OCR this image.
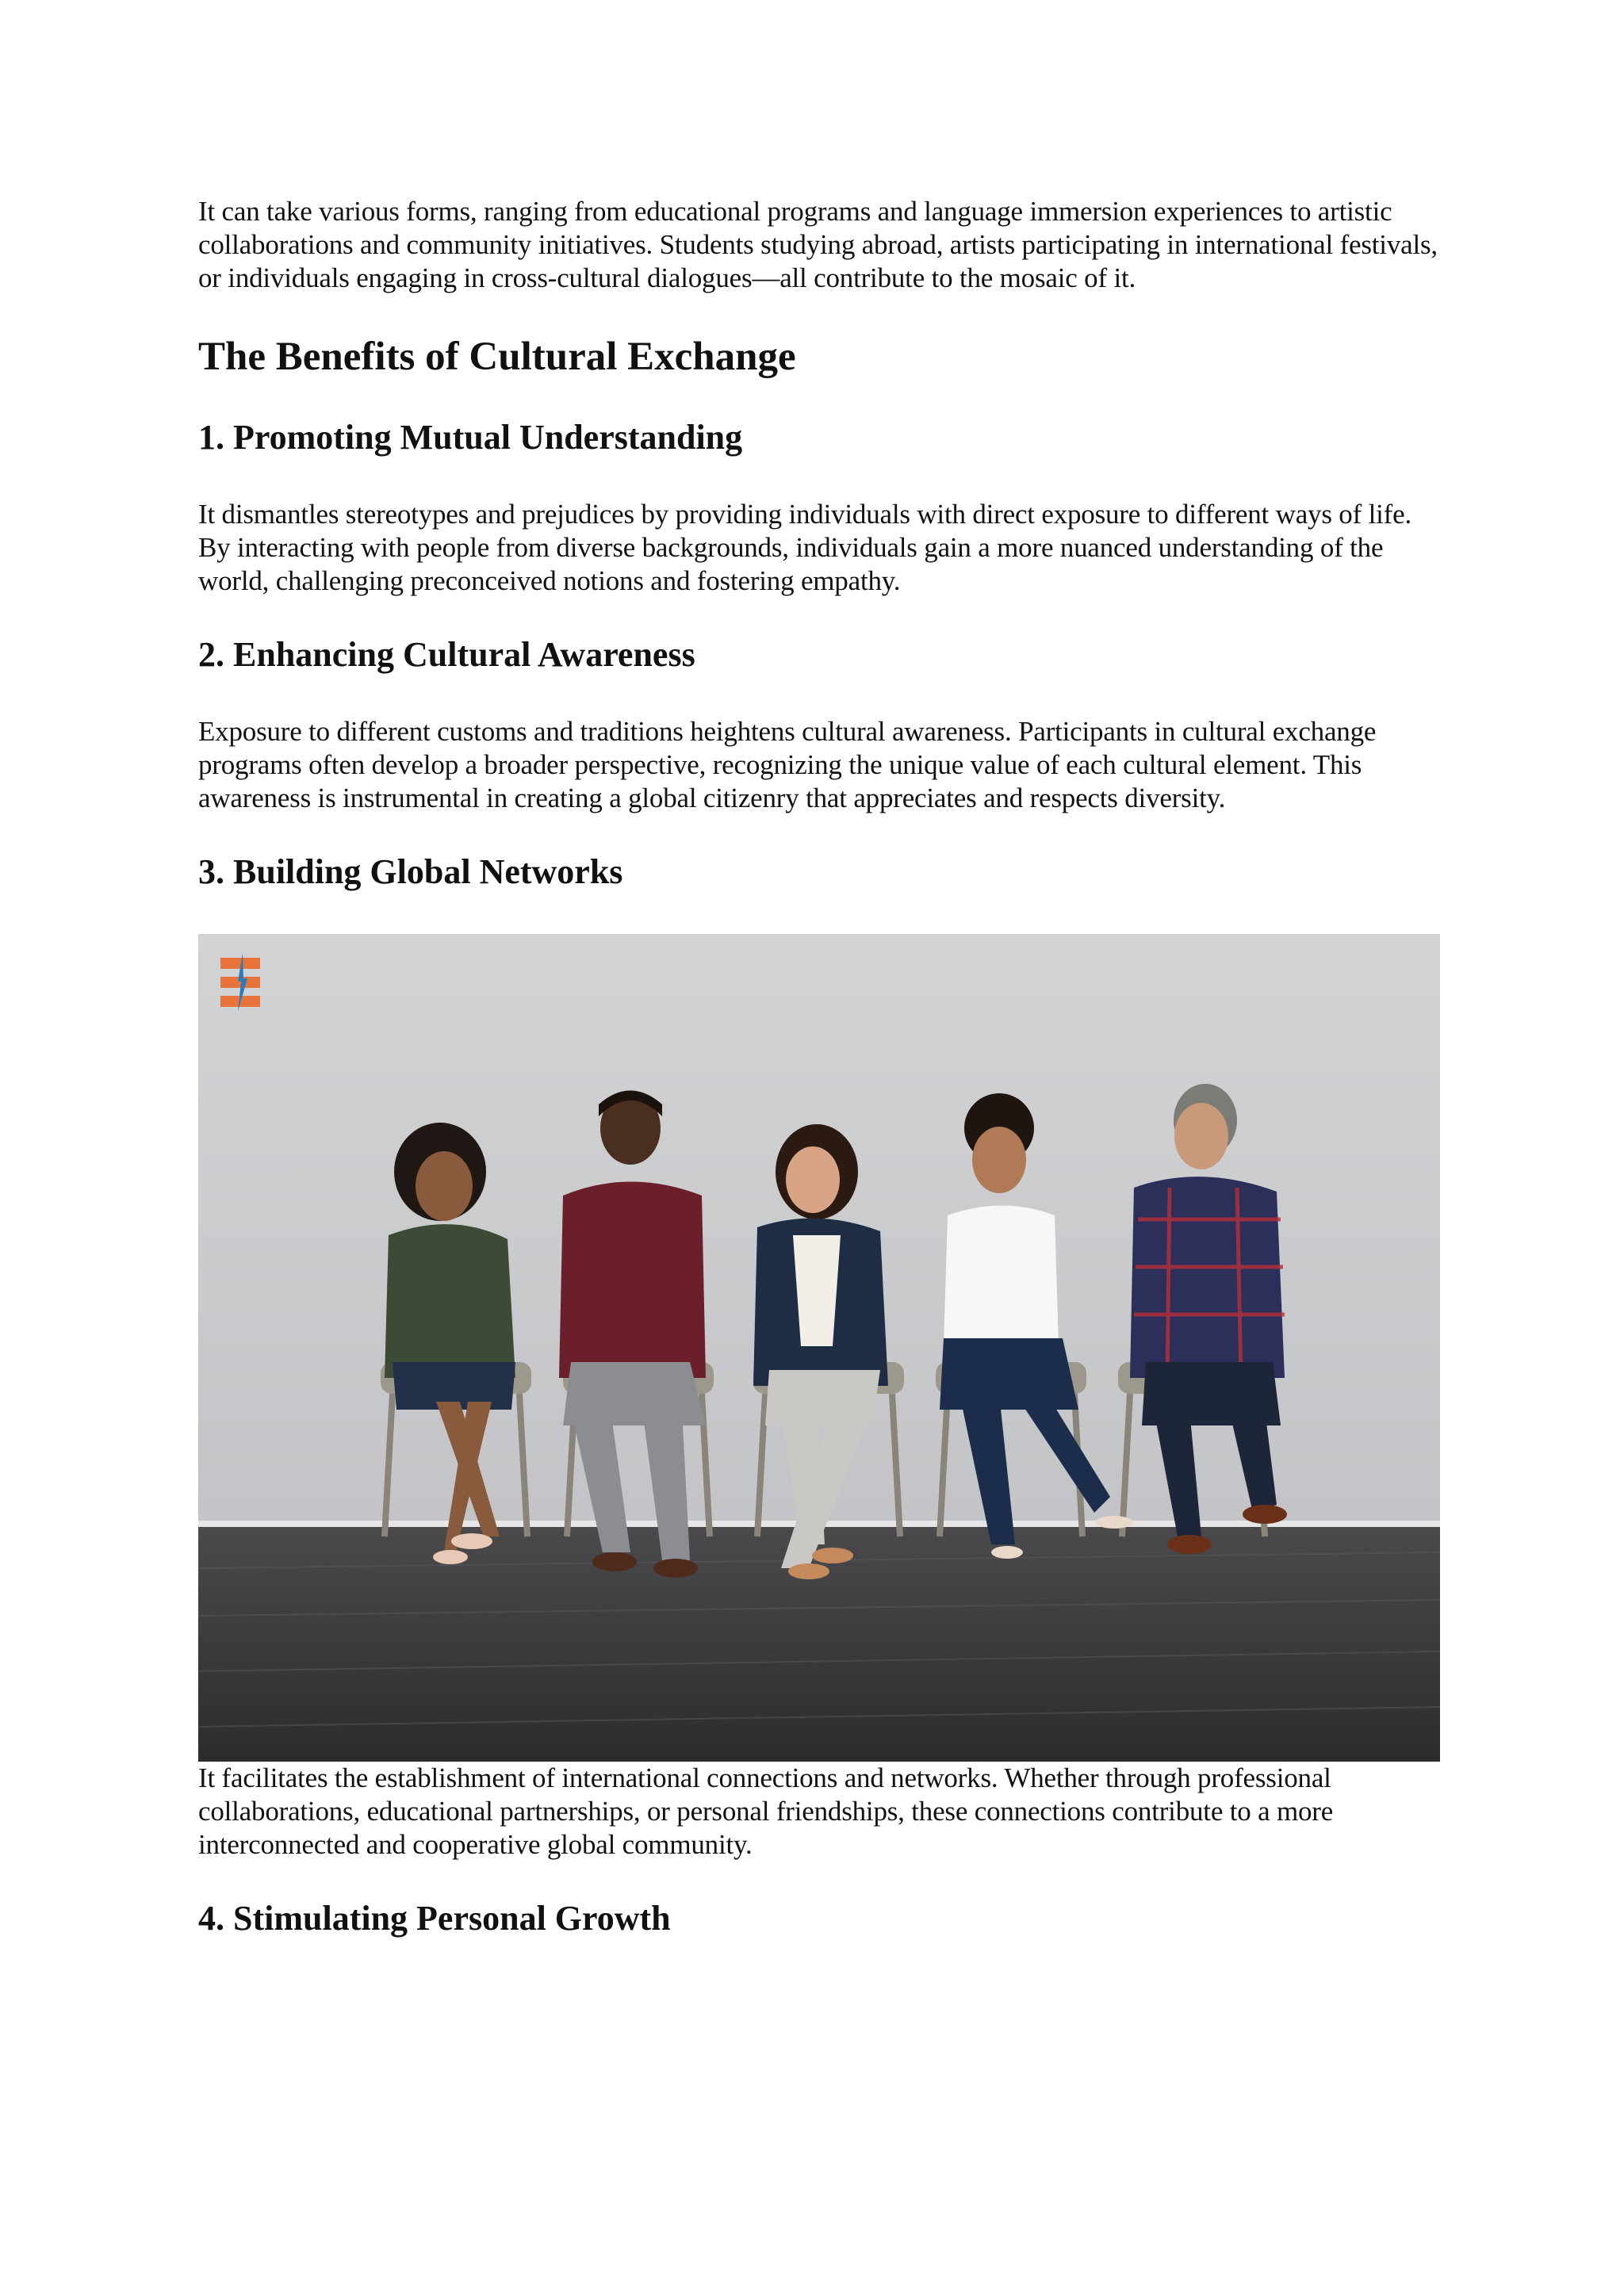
It can take various forms, ranging from educational programs and language immersion experiences to artistic collaborations and community initiatives. Students studying abroad, artists participating in international festivals, or individuals engaging in cross-cultural dialogues—all contribute to the mosaic of it.

The Benefits of Cultural Exchange
1. Promoting Mutual Understanding

It dismantles stereotypes and prejudices by providing individuals with direct exposure to different ways of life. By interacting with people from diverse backgrounds, individuals gain a more nuanced understanding of the world, challenging preconceived notions and fostering empathy.

2. Enhancing Cultural Awareness

Exposure to different customs and traditions heightens cultural awareness. Participants in cultural exchange programs often develop a broader perspective, recognizing the unique value of each cultural element. This awareness is instrumental in creating a global citizenry that appreciates and respects diversity.

3. Building Global Networks

It facilitates the establishment of international connections and networks. Whether through professional collaborations, educational partnerships, or personal friendships, these connections contribute to a more interconnected and cooperative global community.

4. Stimulating Personal Growth
